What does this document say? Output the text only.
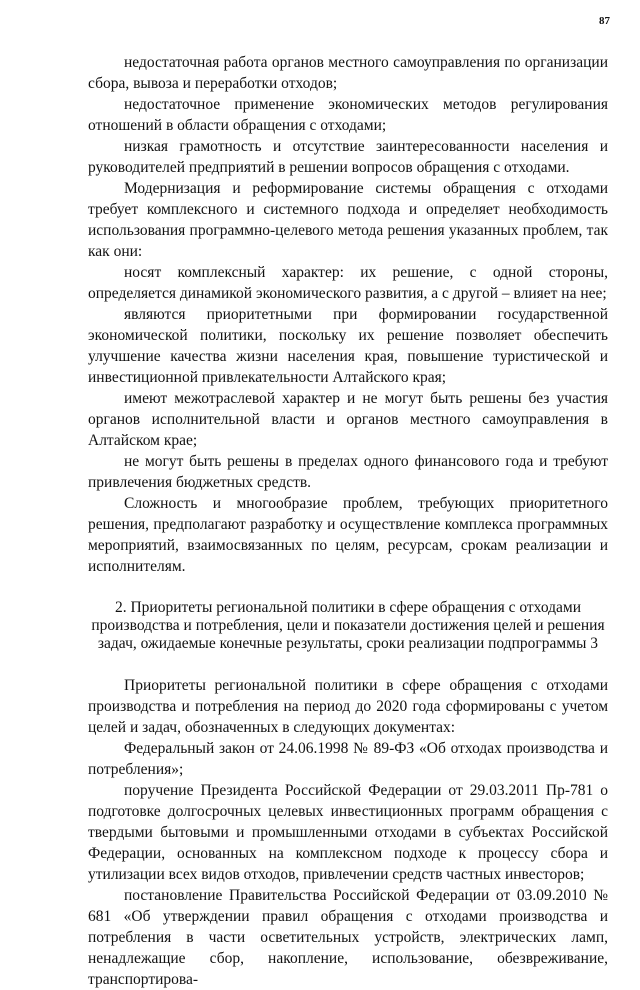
87

недостаточная работа органов местного самоуправления по организации сбора, вывоза и переработки отходов;

недостаточное применение экономических методов регулирования отношений в области обращения с отходами;

низкая грамотность и отсутствие заинтересованности населения и руководителей предприятий в решении вопросов обращения с отходами.

Модернизация и реформирование системы обращения с отходами требует комплексного и системного подхода и определяет необходимость использования программно-целевого метода решения указанных проблем, так как они:

носят комплексный характер: их решение, с одной стороны, определяется динамикой экономического развития, а с другой – влияет на нее;

являются приоритетными при формировании государственной экономической политики, поскольку их решение позволяет обеспечить улучшение качества жизни населения края, повышение туристической и инвестиционной привлекательности Алтайского края;

имеют межотраслевой характер и не могут быть решены без участия органов исполнительной власти и органов местного самоуправления в Алтайском крае;

не могут быть решены в пределах одного финансового года и требуют привлечения бюджетных средств.

Сложность и многообразие проблем, требующих приоритетного решения, предполагают разработку и осуществление комплекса программных мероприятий, взаимосвязанных по целям, ресурсам, срокам реализации и исполнителям.

2. Приоритеты региональной политики в сфере обращения с отходами производства и потребления, цели и показатели достижения целей и решения задач, ожидаемые конечные результаты, сроки реализации подпрограммы 3

Приоритеты региональной политики в сфере обращения с отходами производства и потребления на период до 2020 года сформированы с учетом целей и задач, обозначенных в следующих документах:

Федеральный закон от 24.06.1998 № 89-ФЗ «Об отходах производства и потребления»;

поручение Президента Российской Федерации от 29.03.2011 Пр-781 о подготовке долгосрочных целевых инвестиционных программ обращения с твердыми бытовыми и промышленными отходами в субъектах Российской Федерации, основанных на комплексном подходе к процессу сбора и утилизации всех видов отходов, привлечении средств частных инвесторов;

постановление Правительства Российской Федерации от 03.09.2010 № 681 «Об утверждении правил обращения с отходами производства и потребления в части осветительных устройств, электрических ламп, ненадлежащие сбор, накопление, использование, обезвреживание, транспортирова-
